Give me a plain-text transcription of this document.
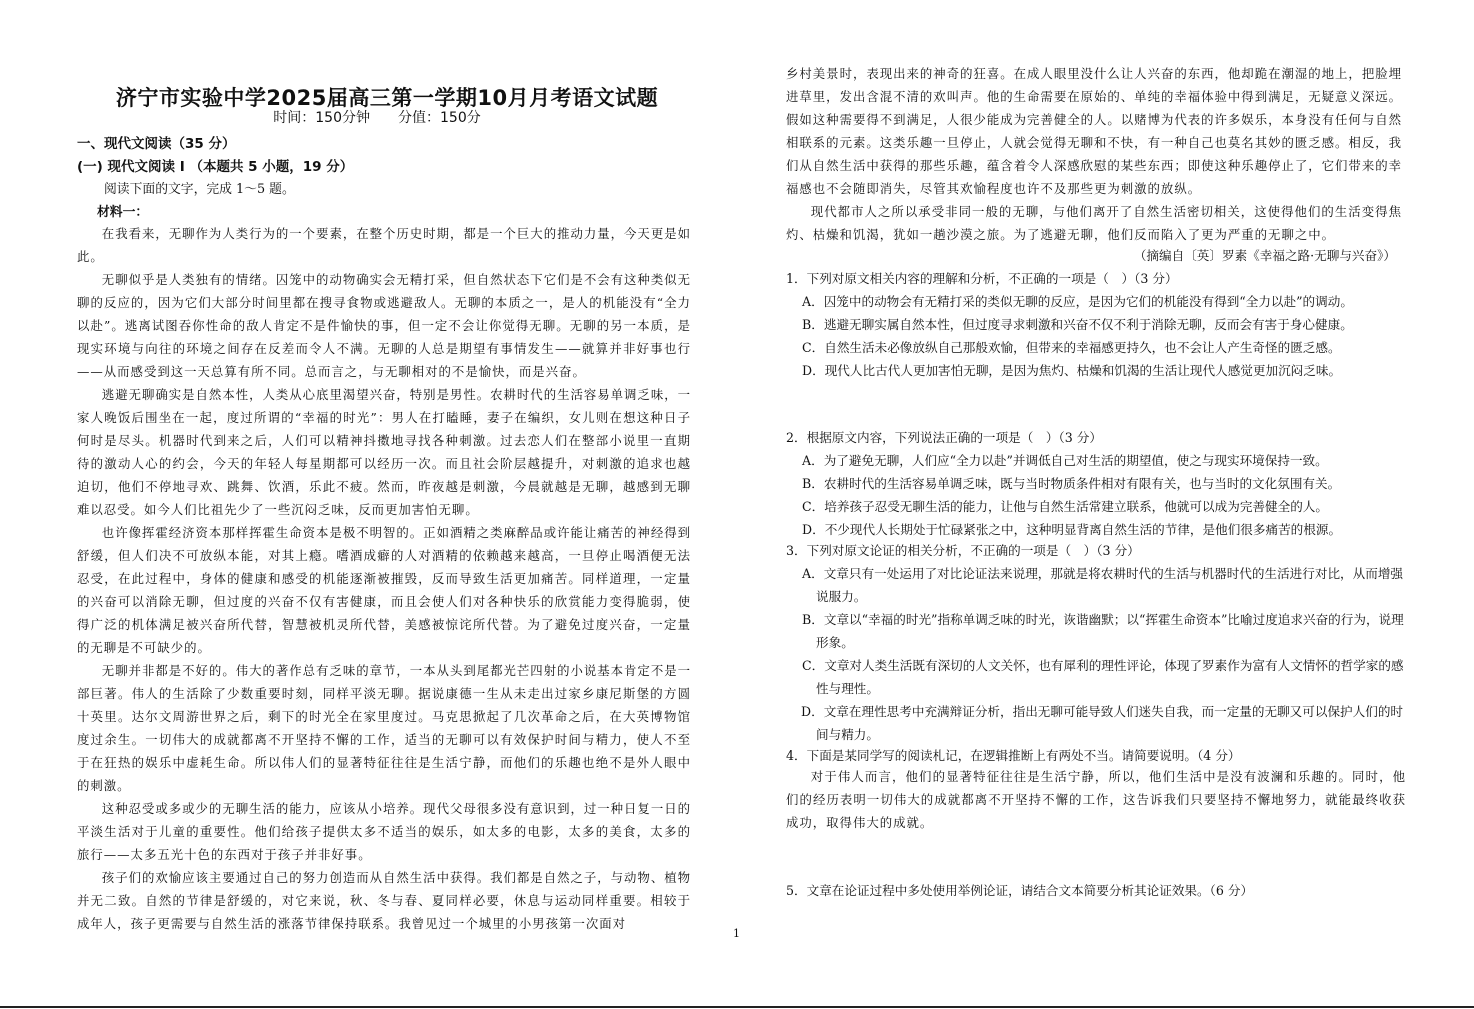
济宁市实验中学2025届高三第一学期10月月考语文试题
时间：150分钟 分值：150分
一、现代文阅读（35 分）
(一) 现代文阅读 I （本题共 5 小题，19 分）
阅读下面的文字，完成 1～5 题。
材料一：

在我看来，无聊作为人类行为的一个要素，在整个历史时期，都是一个巨大的推动力量，今天更是如此。

无聊似乎是人类独有的情绪。囚笼中的动物确实会无精打采，但自然状态下它们是不会有这种类似无聊的反应的，因为它们大部分时间里都在搜寻食物或逃避敌人。无聊的本质之一，是人的机能没有“全力以赴”。逃离试图吞你性命的敌人肯定不是件愉快的事，但一定不会让你觉得无聊。无聊的另一本质，是现实环境与向往的环境之间存在反差而令人不满。无聊的人总是期望有事情发生——就算并非好事也行——从而感受到这一天总算有所不同。总而言之，与无聊相对的不是愉快，而是兴奋。

逃避无聊确实是自然本性，人类从心底里渴望兴奋，特别是男性。农耕时代的生活容易单调乏味，一家人晚饭后围坐在一起，度过所谓的“幸福的时光”：男人在打瞌睡，妻子在编织，女儿则在想这种日子何时是尽头。机器时代到来之后，人们可以精神抖擞地寻找各种刺激。过去恋人们在整部小说里一直期待的激动人心的约会，今天的年轻人每星期都可以经历一次。而且社会阶层越提升，对刺激的追求也越迫切，他们不停地寻欢、跳舞、饮酒，乐此不疲。然而，昨夜越是刺激，今晨就越是无聊，越感到无聊难以忍受。如今人们比祖先少了一些沉闷乏味，反而更加害怕无聊。

也许像挥霍经济资本那样挥霍生命资本是极不明智的。正如酒精之类麻醉品或许能让痛苦的神经得到舒缓，但人们决不可放纵本能，对其上瘾。嗜酒成癖的人对酒精的依赖越来越高，一旦停止喝酒便无法忍受，在此过程中，身体的健康和感受的机能逐渐被摧毁，反而导致生活更加痛苦。同样道理，一定量的兴奋可以消除无聊，但过度的兴奋不仅有害健康，而且会使人们对各种快乐的欣赏能力变得脆弱，使得广泛的机体满足被兴奋所代替，智慧被机灵所代替，美感被惊诧所代替。为了避免过度兴奋，一定量的无聊是不可缺少的。

无聊并非都是不好的。伟大的著作总有乏味的章节，一本从头到尾都光芒四射的小说基本肯定不是一部巨著。伟人的生活除了少数重要时刻，同样平淡无聊。据说康德一生从未走出过家乡康尼斯堡的方圆十英里。达尔文周游世界之后，剩下的时光全在家里度过。马克思掀起了几次革命之后，在大英博物馆度过余生。一切伟大的成就都离不开坚持不懈的工作，适当的无聊可以有效保护时间与精力，使人不至于在狂热的娱乐中虚耗生命。所以伟人们的显著特征往往是生活宁静，而他们的乐趣也绝不是外人眼中的刺激。

这种忍受或多或少的无聊生活的能力，应该从小培养。现代父母很多没有意识到，过一种日复一日的平淡生活对于儿童的重要性。他们给孩子提供太多不适当的娱乐，如太多的电影，太多的美食，太多的旅行——太多五光十色的东西对于孩子并非好事。

孩子们的欢愉应该主要通过自己的努力创造而从自然生活中获得。我们都是自然之子，与动物、植物并无二致。自然的节律是舒缓的，对它来说，秋、冬与春、夏同样必要，休息与运动同样重要。相较于成年人，孩子更需要与自然生活的涨落节律保持联系。我曾见过一个城里的小男孩第一次面对

乡村美景时，表现出来的神奇的狂喜。在成人眼里没什么让人兴奋的东西，他却跪在潮湿的地上，把脸埋进草里，发出含混不清的欢叫声。他的生命需要在原始的、单纯的幸福体验中得到满足，无疑意义深远。假如这种需要得不到满足，人很少能成为完善健全的人。以赌博为代表的许多娱乐，本身没有任何与自然相联系的元素。这类乐趣一旦停止，人就会觉得无聊和不快，有一种自己也莫名其妙的匮乏感。相反，我们从自然生活中获得的那些乐趣，蕴含着令人深感欣慰的某些东西；即使这种乐趣停止了，它们带来的幸福感也不会随即消失，尽管其欢愉程度也许不及那些更为刺激的放纵。

现代都市人之所以承受非同一般的无聊，与他们离开了自然生活密切相关，这使得他们的生活变得焦灼、枯燥和饥渴，犹如一趟沙漠之旅。为了逃避无聊，他们反而陷入了更为严重的无聊之中。

（摘编自〔英〕罗素《幸福之路·无聊与兴奋》）
1．下列对原文相关内容的理解和分析，不正确的一项是（　）（3 分）
A．囚笼中的动物会有无精打采的类似无聊的反应，是因为它们的机能没有得到“全力以赴”的调动。
B．逃避无聊实属自然本性，但过度寻求刺激和兴奋不仅不利于消除无聊，反而会有害于身心健康。
C．自然生活未必像放纵自己那般欢愉，但带来的幸福感更持久，也不会让人产生奇怪的匮乏感。
D．现代人比古代人更加害怕无聊，是因为焦灼、枯燥和饥渴的生活让现代人感觉更加沉闷乏味。
2．根据原文内容，下列说法正确的一项是（　）（3 分）
A．为了避免无聊，人们应“全力以赴”并调低自己对生活的期望值，使之与现实环境保持一致。
B．农耕时代的生活容易单调乏味，既与当时物质条件相对有限有关，也与当时的文化氛围有关。
C．培养孩子忍受无聊生活的能力，让他与自然生活常建立联系，他就可以成为完善健全的人。
D．不少现代人长期处于忙碌紧张之中，这种明显背离自然生活的节律，是他们很多痛苦的根源。
3．下列对原文论证的相关分析，不正确的一项是（　）（3 分）
A．文章只有一处运用了对比论证法来说理，那就是将农耕时代的生活与机器时代的生活进行对比，从而增强说服力。
B．文章以“幸福的时光”指称单调乏味的时光，诙谐幽默；以“挥霍生命资本”比喻过度追求兴奋的行为，说理形象。
C．文章对人类生活既有深切的人文关怀，也有犀利的理性评论，体现了罗素作为富有人文情怀的哲学家的感性与理性。
D．文章在理性思考中充满辩证分析，指出无聊可能导致人们迷失自我，而一定量的无聊又可以保护人们的时间与精力。
4．下面是某同学写的阅读札记，在逻辑推断上有两处不当。请简要说明。（4 分）

对于伟人而言，他们的显著特征往往是生活宁静，所以，他们生活中是没有波澜和乐趣的。同时，他们的经历表明一切伟大的成就都离不开坚持不懈的工作，这告诉我们只要坚持不懈地努力，就能最终收获成功，取得伟大的成就。

5．文章在论证过程中多处使用举例论证，请结合文本简要分析其论证效果。（6 分）
1
